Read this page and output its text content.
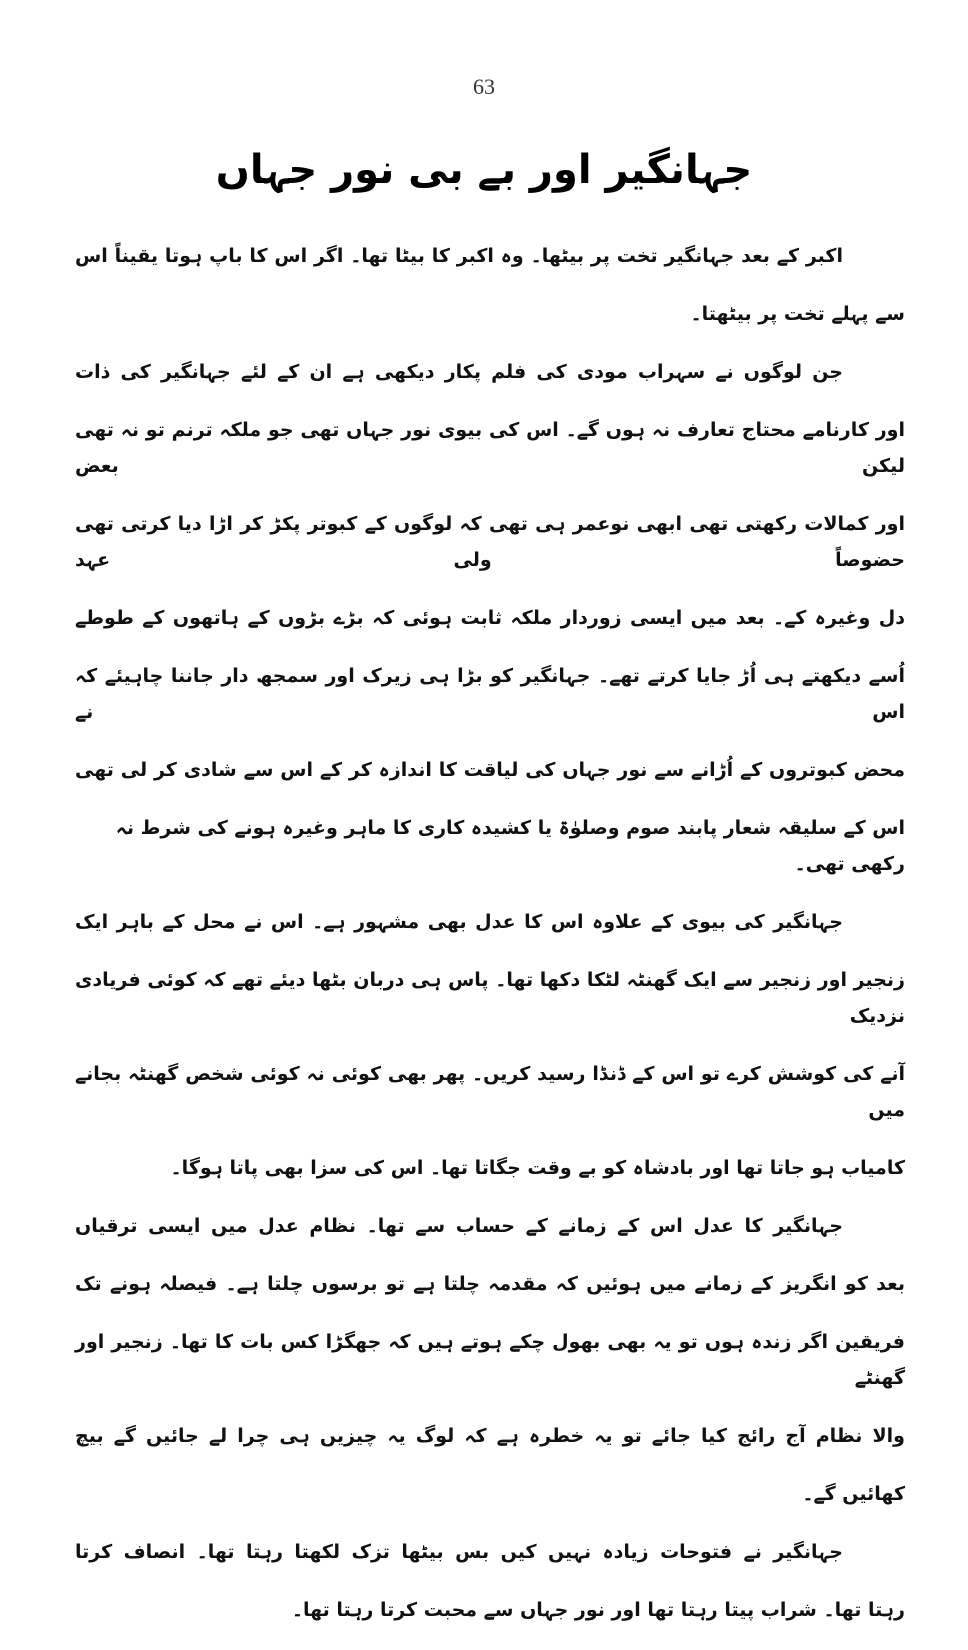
63
جہانگیر اور بے بی نور جہاں
اکبر کے بعد جہانگیر تخت پر بیٹھا۔ وہ اکبر کا بیٹا تھا۔ اگر اس کا باپ ہوتا یقیناً اس
سے پہلے تخت پر بیٹھتا۔
جن لوگوں نے سہراب مودی کی فلم پکار دیکھی ہے ان کے لئے جہانگیر کی ذات
اور کارنامے محتاج تعارف نہ ہوں گے۔ اس کی بیوی نور جہاں تھی جو ملکہ ترنم تو نہ تھی لیکن بعض
اور کمالات رکھتی تھی ابھی نوعمر ہی تھی کہ لوگوں کے کبوتر پکڑ کر اڑا دیا کرتی تھی حضوصاً ولی عہد
دل وغیرہ کے۔ بعد میں ایسی زوردار ملکہ ثابت ہوئی کہ بڑے بڑوں کے ہاتھوں کے طوطے
اُسے دیکھتے ہی اُڑ جایا کرتے تھے۔ جہانگیر کو بڑا ہی زیرک اور سمجھ دار جاننا چاہیئے کہ اس نے
محض کبوتروں کے اُڑانے سے نور جہاں کی لیاقت کا اندازہ کر کے اس سے شادی کر لی تھی
اس کے سلیقہ شعار پابند صوم وصلوٰۃ یا کشیدہ کاری کا ماہر وغیرہ ہونے کی شرط نہ رکھی تھی۔
جہانگیر کی بیوی کے علاوہ اس کا عدل بھی مشہور ہے۔ اس نے محل کے باہر ایک
زنجیر اور زنجیر سے ایک گھنٹہ لٹکا دکھا تھا۔ پاس ہی دربان بٹھا دیئے تھے کہ کوئی فریادی نزدیک
آنے کی کوشش کرے تو اس کے ڈنڈا رسید کریں۔ پھر بھی کوئی نہ کوئی شخص گھنٹہ بجانے میں
کامیاب ہو جاتا تھا اور بادشاہ کو بے وقت جگاتا تھا۔ اس کی سزا بھی پاتا ہوگا۔
جہانگیر کا عدل اس کے زمانے کے حساب سے تھا۔ نظام عدل میں ایسی ترقیاں
بعد کو انگریز کے زمانے میں ہوئیں کہ مقدمہ چلتا ہے تو برسوں چلتا ہے۔ فیصلہ ہونے تک
فریقین اگر زندہ ہوں تو یہ بھی بھول چکے ہوتے ہیں کہ جھگڑا کس بات کا تھا۔ زنجیر اور گھنٹے
والا نظام آج رائج کیا جائے تو یہ خطرہ ہے کہ لوگ یہ چیزیں ہی چرا لے جائیں گے بیچ
کھائیں گے۔
جہانگیر نے فتوحات زیادہ نہیں کیں بس بیٹھا تزک لکھتا رہتا تھا۔ انصاف کرتا
رہتا تھا۔ شراب پیتا رہتا تھا اور نور جہاں سے محبت کرتا رہتا تھا۔
